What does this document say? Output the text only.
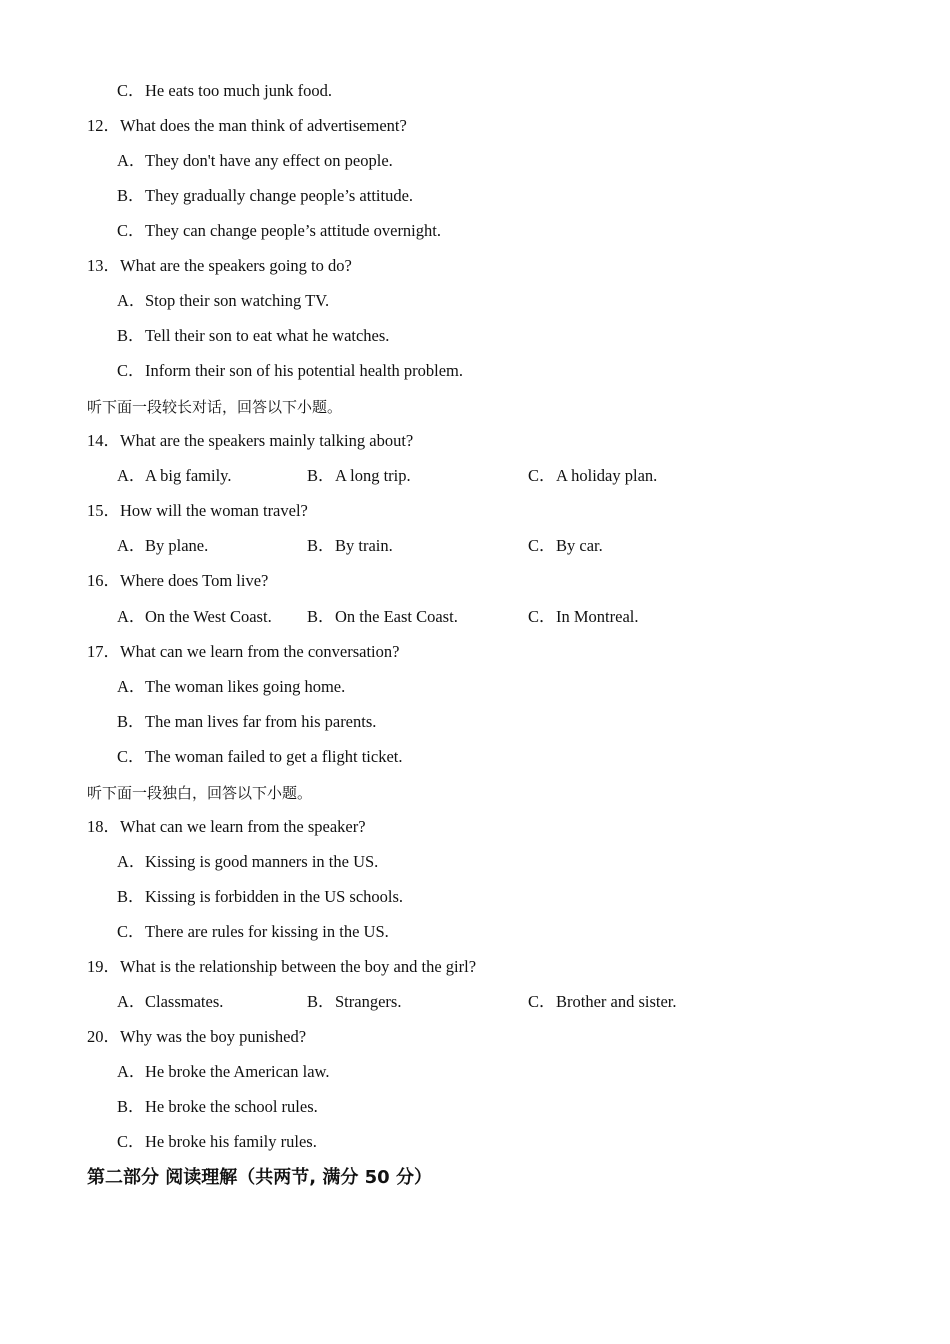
C．He eats too much junk food.
12．What does the man think of advertisement?
A．They don't have any effect on people.
B．They gradually change people’s attitude.
C．They can change people’s attitude overnight.
13．What are the speakers going to do?
A．Stop their son watching TV.
B．Tell their son to eat what he watches.
C．Inform their son of his potential health problem.
听下面一段较长对话，回答以下小题。
14．What are the speakers mainly talking about?
A．A big family.	B．A long trip.	C．A holiday plan.
15．How will the woman travel?
A．By plane.	B．By train.	C．By car.
16．Where does Tom live?
A．On the West Coast. B．On the East Coast.	C．In Montreal.
17．What can we learn from the conversation?
A．The woman likes going home.
B．The man lives far from his parents.
C．The woman failed to get a flight ticket.
听下面一段独白，回答以下小题。
18．What can we learn from the speaker?
A．Kissing is good manners in the US.
B．Kissing is forbidden in the US schools.
C．There are rules for kissing in the US.
19．What is the relationship between the boy and the girl?
A．Classmates.	B．Strangers.	C．Brother and sister.
20．Why was the boy punished?
A．He broke the American law.
B．He broke the school rules.
C．He broke his family rules.
第二部分 阅读理解（共两节, 满分 50 分）
